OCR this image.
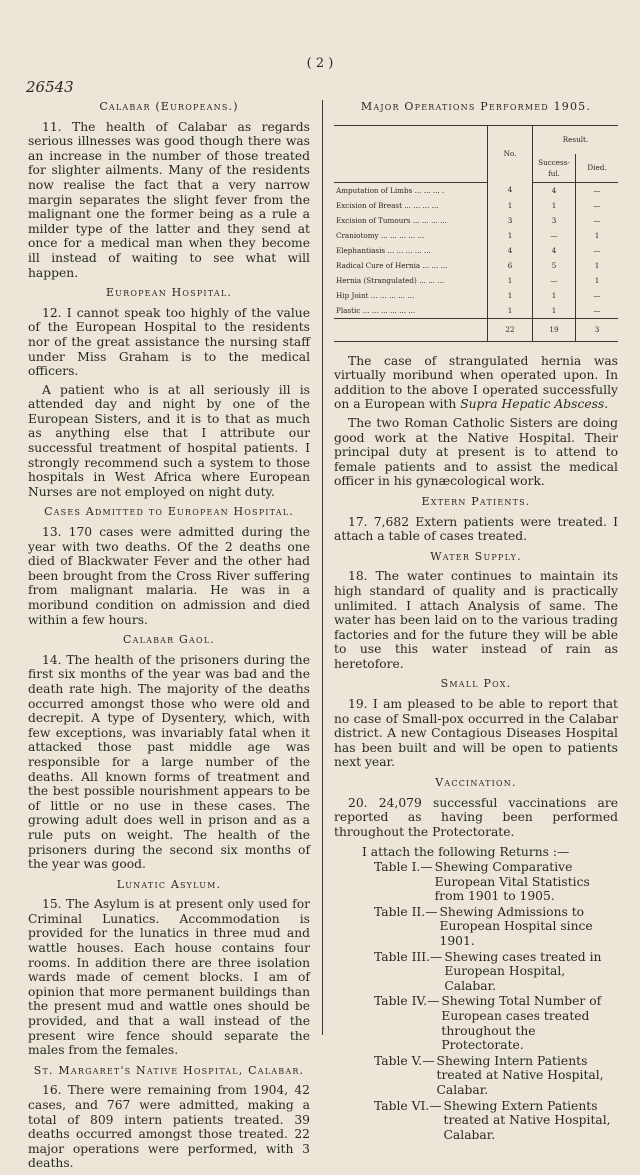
( 2 )
26543
Calabar (Europeans.)

11. The health of Calabar as regards serious illnesses was good though there was an increase in the number of those treated for slighter ailments. Many of the residents now realise the fact that a very narrow margin separates the slight fever from the malignant one the former being as a rule a milder type of the latter and they send at once for a medical man when they become ill instead of waiting to see what will happen.

European Hospital.

12. I cannot speak too highly of the value of the European Hospital to the residents nor of the great assistance the nursing staff under Miss Graham is to the medical officers.

A patient who is at all seriously ill is attended day and night by one of the European Sisters, and it is to that as much as anything else that I attribute our successful treatment of hospital patients. I strongly recommend such a system to those hospitals in West Africa where European Nurses are not employed on night duty.

Cases Admitted to European Hospital.

13. 170 cases were admitted during the year with two deaths. Of the 2 deaths one died of Blackwater Fever and the other had been brought from the Cross River suffering from malignant malaria. He was in a moribund condition on admission and died within a few hours.

Calabar Gaol.

14. The health of the prisoners during the first six months of the year was bad and the death rate high. The majority of the deaths occurred amongst those who were old and decrepit. A type of Dysentery, which, with few exceptions, was invariably fatal when it attacked those past middle age was responsible for a large number of the deaths. All known forms of treatment and the best possible nourishment appears to be of little or no use in these cases. The growing adult does well in prison and as a rule puts on weight. The health of the prisoners during the second six months of the year was good.

Lunatic Asylum.

15. The Asylum is at present only used for Criminal Lunatics. Accommodation is provided for the lunatics in three mud and wattle houses. Each house contains four rooms. In addition there are three isolation wards made of cement blocks. I am of opinion that more permanent buildings than the present mud and wattle ones should be provided, and that a wall instead of the present wire fence should separate the males from the females.

St. Margaret's Native Hospital, Calabar.

16. There were remaining from 1904, 42 cases, and 767 were admitted, making a total of 809 intern patients treated. 39 deaths occurred amongst those treated. 22 major operations were performed, with 3 deaths.

Major Operations Performed 1905.
	No.	Result.	
		Success-ful.	Died.
Amputation of Limbs ... ... ... .	4	4	—
Excision of Breast ... ... ... ...	1	1	—
Excision of Tumours ... ... ... ...	3	3	—
Craniotomy ... ... ... ... ...	1	—	1
Elephantiasis ... ... ... ... ...	4	4	—
Radical Cure of Hernia ... ... ...	6	5	1
Hernia (Strangulated) ... ... ...	1	—	1
Hip Joint ... ... ... ... ...	1	1	—
Plastic ... ... ... ... ... ...	1	1	—
	22	19	3

The case of strangulated hernia was virtually moribund when operated upon. In addition to the above I operated successfully on a European with Supra Hepatic Abscess.

The two Roman Catholic Sisters are doing good work at the Native Hospital. Their principal duty at present is to attend to female patients and to assist the medical officer in his gynæcological work.

Extern Patients.

17. 7,682 Extern patients were treated. I attach a table of cases treated.

Water Supply.

18. The water continues to maintain its high standard of quality and is practically unlimited. I attach Analysis of same. The water has been laid on to the various trading factories and for the future they will be able to use this water instead of rain as heretofore.

Small Pox.

19. I am pleased to be able to report that no case of Small-pox occurred in the Calabar district. A new Contagious Diseases Hospital has been built and will be open to patients next year.

Vaccination.

20. 24,079 successful vaccinations are reported as having been performed throughout the Protectorate.

I attach the following Returns :—
Table I.— Shewing Comparative European Vital Statistics from 1901 to 1905.
Table II.— Shewing Admissions to European Hospital since 1901.
Table III.— Shewing cases treated in European Hospital, Calabar.
Table IV.— Shewing Total Number of European cases treated throughout the Protectorate.
Table V.— Shewing Intern Patients treated at Native Hospital, Calabar.
Table VI.— Shewing Extern Patients treated at Native Hospital, Calabar.
